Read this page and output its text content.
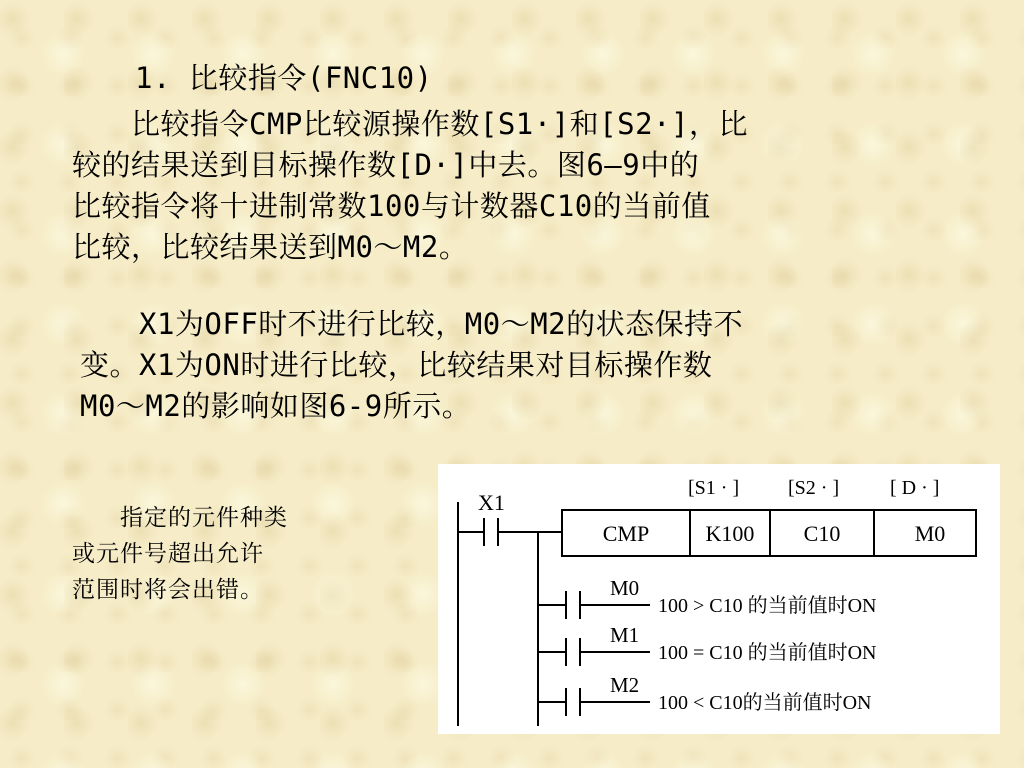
1. 比较指令(FNC10)
　　比较指令CMP比较源操作数[S1·]和[S2·]，比
较的结果送到目标操作数[D·]中去。图6—9中的
比较指令将十进制常数100与计数器C10的当前值
比较，比较结果送到M0～M2。
　　X1为OFF时不进行比较，M0～M2的状态保持不
变。X1为ON时进行比较，比较结果对目标操作数
M0～M2的影响如图6-9所示。
　　指定的元件种类
或元件号超出允许
范围时将会出错。
X1
[S1 · ] [S2 · ]	[ D · ]
CMP	K100 C10	M0
M0
100 > C10 的当前值时ON
M1
100 = C10 的当前值时ON
M2
100 < C10的当前值时ON
